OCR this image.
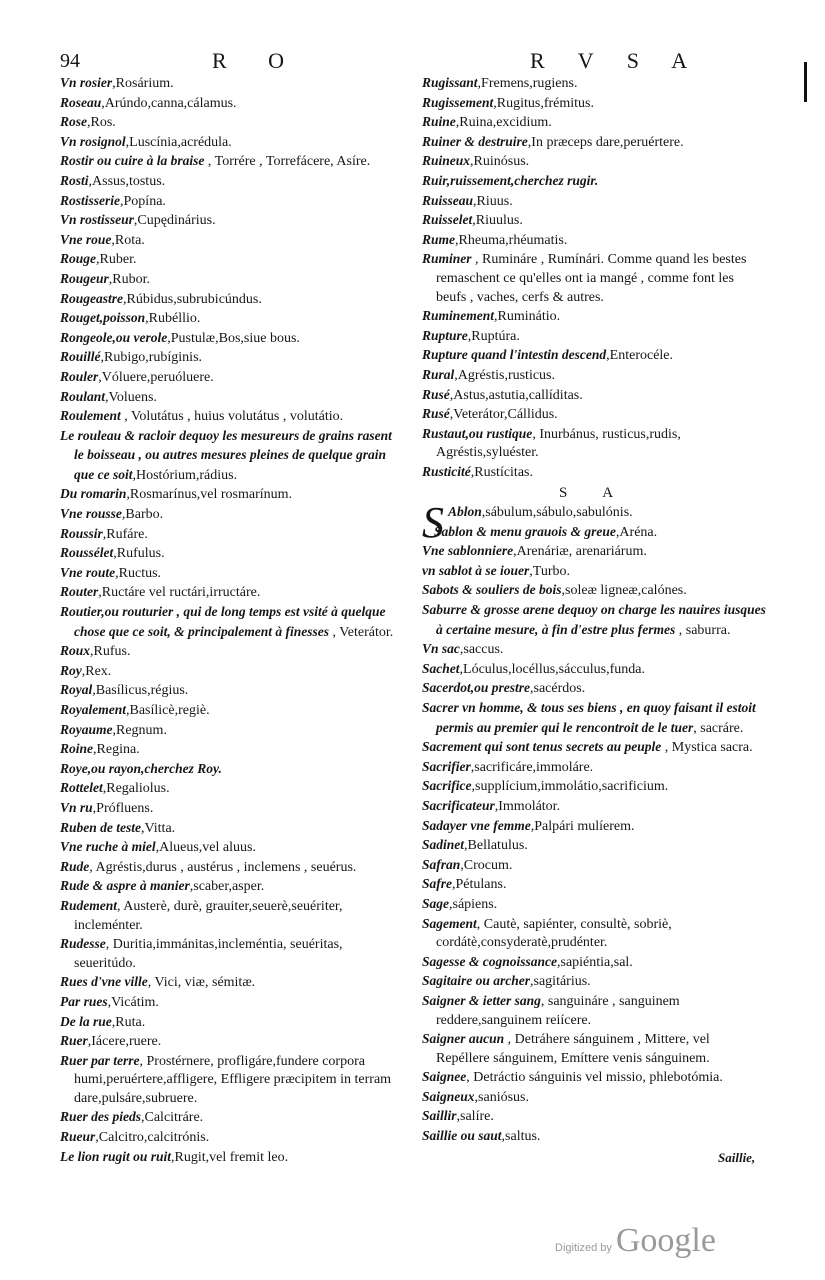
94	R O	R V S A

Vn rosier,Rosárium.

Roseau,Arúndo,canna,cálamus.

Rose,Ros.

Vn rosignol,Luscínia,acrédula.

Rostir ou cuire à la braise , Torrére , Torrefácere, Asíre.

Rosti,Assus,tostus.

Rostisserie,Popína.

Vn rostisseur,Cupędinárius.

Vne roue,Rota.

Rouge,Ruber.

Rougeur,Rubor.

Rougeastre,Rúbidus,subrubicúndus.

Rouget,poisson,Rubéllio.

Rongeole,ou verole,Pustulæ,Bos,siue bous.

Rouillé,Rubigo,rubíginis.

Rouler,Vóluere,peruóluere.

Roulant,Voluens.

Roulement , Volutátus , huius volutátus , volutátio.

Le rouleau & racloir dequoy les mesureurs de grains rasent le boisseau , ou autres mesures pleines de quelque grain que ce soit,Hostórium,rádius.

Du romarin,Rosmarínus,vel rosmarínum.

Vne rousse,Barbo.

Roussir,Rufáre.

Roussélet,Rufulus.

Vne route,Ructus.

Router,Ructáre vel ructári,irructáre.

Routier,ou routurier , qui de long temps est vsité à quelque chose que ce soit, & principalement à finesses , Veterátor.

Roux,Rufus.

Roy,Rex.

Royal,Basílicus,régius.

Royalement,Basílicè,regiè.

Royaume,Regnum.

Roine,Regina.

Roye,ou rayon,cherchez Roy.

Rottelet,Regaliolus.

Vn ru,Prófluens.

Ruben de teste,Vitta.

Vne ruche à miel,Alueus,vel aluus.

Rude, Agréstis,durus , austérus , inclemens , seuérus.

Rude & aspre à manier,scaber,asper.

Rudement, Austerè, durè, grauiter,seuerè,seuériter, incleménter.

Rudesse, Duritia,immánitas,incleméntia, seuéritas, seueritúdo.

Rues d'vne ville, Vici, viæ, sémitæ.

Par rues,Vicátim.

De la rue,Ruta.

Ruer,Iácere,ruere.

Ruer par terre, Prostérnere, profligáre,fundere corpora humi,peruértere,affligere, Effligere præcipitem in terram dare,pulsáre,subruere.

Ruer des pieds,Calcitráre.

Rueur,Calcitro,calcitrónis.

Le lion rugit ou ruit,Rugit,vel fremit leo.

Rugissant,Fremens,rugiens.

Rugissement,Rugitus,frémitus.

Ruine,Ruina,excidium.

Ruiner & destruire,In præceps dare,peruértere.

Ruineux,Ruinósus.

Ruir,ruissement,cherchez rugir.

Ruisseau,Riuus.

Ruisselet,Riuulus.

Rume,Rheuma,rhéumatis.

Ruminer , Rumináre , Rumínári. Comme quand les bestes remaschent ce qu'elles ont ia mangé , comme font les beufs , vaches, cerfs & autres.

Ruminement,Ruminátio.

Rupture,Ruptúra.

Rupture quand l'intestin descend,Enterocéle.

Rural,Agréstis,rusticus.

Rusé,Astus,astutia,callíditas.

Rusé,Veterátor,Cállidus.

Rustaut,ou rustique, Inurbánus, rusticus,rudis, Agréstis,syluéster.

Rusticité,Rustícitas.

S A

S Ablon,sábulum,sábulo,sabulónis.

Sablon & menu grauois & greue,Aréna.

Vne sablonniere,Arenáriæ, arenariárum.

vn sablot à se iouer,Turbo.

Sabots & souliers de bois,soleæ ligneæ,calónes.

Saburre & grosse arene dequoy on charge les nauires iusques à certaine mesure, à fin d'estre plus fermes , saburra.

Vn sac,saccus.

Sachet,Lóculus,locéllus,sácculus,funda.

Sacerdot,ou prestre,sacérdos.

Sacrer vn homme, & tous ses biens , en quoy faisant il estoit permis au premier qui le rencontroit de le tuer, sacráre.

Sacrement qui sont tenus secrets au peuple , Mystica sacra.

Sacrifier,sacrificáre,immoláre.

Sacrifice,supplícium,immolátio,sacrificium.

Sacrificateur,Immolátor.

Sadayer vne femme,Palpári mulíerem.

Sadinet,Bellatulus.

Safran,Crocum.

Safre,Pétulans.

Sage,sápiens.

Sagement, Cautè, sapiénter, consultè, sobriè, cordátè,consyderatè,prudénter.

Sagesse & cognoissance,sapiéntia,sal.

Sagitaire ou archer,sagitárius.

Saigner & ietter sang, sanguináre , sanguinem reddere,sanguinem reiícere.

Saigner aucun , Detráhere sánguinem , Mittere, vel Repéllere sánguinem, Emíttere venis sánguinem.

Saignee, Detráctio sánguinis vel missio, phlebotómia.

Saigneux,saniósus.

Saillir,salíre.

Saillie ou saut,saltus.

Saillie,
Digitized by Google
